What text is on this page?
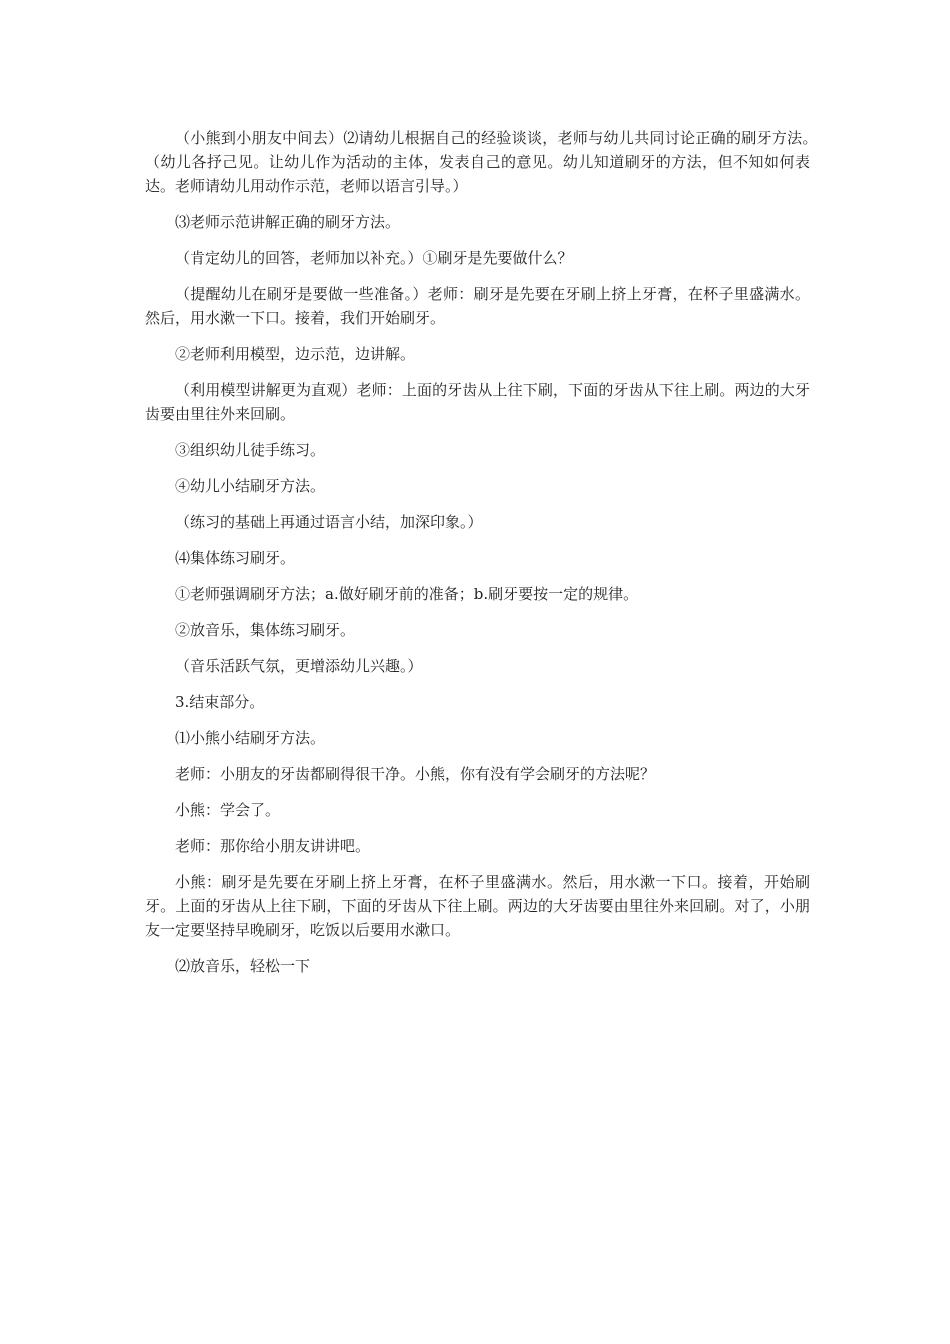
（小熊到小朋友中间去）⑵请幼儿根据自己的经验谈谈，老师与幼儿共同讨论正确的刷牙方法。　（幼儿各抒己见。让幼儿作为活动的主体，发表自己的意见。幼儿知道刷牙的方法，但不知如何表达。老师请幼儿用动作示范，老师以语言引导。）

⑶老师示范讲解正确的刷牙方法。

（肯定幼儿的回答，老师加以补充。）①刷牙是先要做什么？

（提醒幼儿在刷牙是要做一些准备。）老师：刷牙是先要在牙刷上挤上牙膏，在杯子里盛满水。然后，用水漱一下口。接着，我们开始刷牙。

②老师利用模型，边示范，边讲解。

（利用模型讲解更为直观）老师：上面的牙齿从上往下刷，下面的牙齿从下往上刷。两边的大牙齿要由里往外来回刷。

③组织幼儿徒手练习。

④幼儿小结刷牙方法。

（练习的基础上再通过语言小结，加深印象。）

⑷集体练习刷牙。

①老师强调刷牙方法；a.做好刷牙前的准备；b.刷牙要按一定的规律。

②放音乐，集体练习刷牙。

（音乐活跃气氛，更增添幼儿兴趣。）

3.结束部分。

⑴小熊小结刷牙方法。

老师：小朋友的牙齿都刷得很干净。小熊，你有没有学会刷牙的方法呢？

小熊：学会了。

老师：那你给小朋友讲讲吧。

小熊：刷牙是先要在牙刷上挤上牙膏，在杯子里盛满水。然后，用水漱一下口。接着，开始刷牙。上面的牙齿从上往下刷，下面的牙齿从下往上刷。两边的大牙齿要由里往外来回刷。对了，小朋友一定要坚持早晚刷牙，吃饭以后要用水漱口。

⑵放音乐，轻松一下
